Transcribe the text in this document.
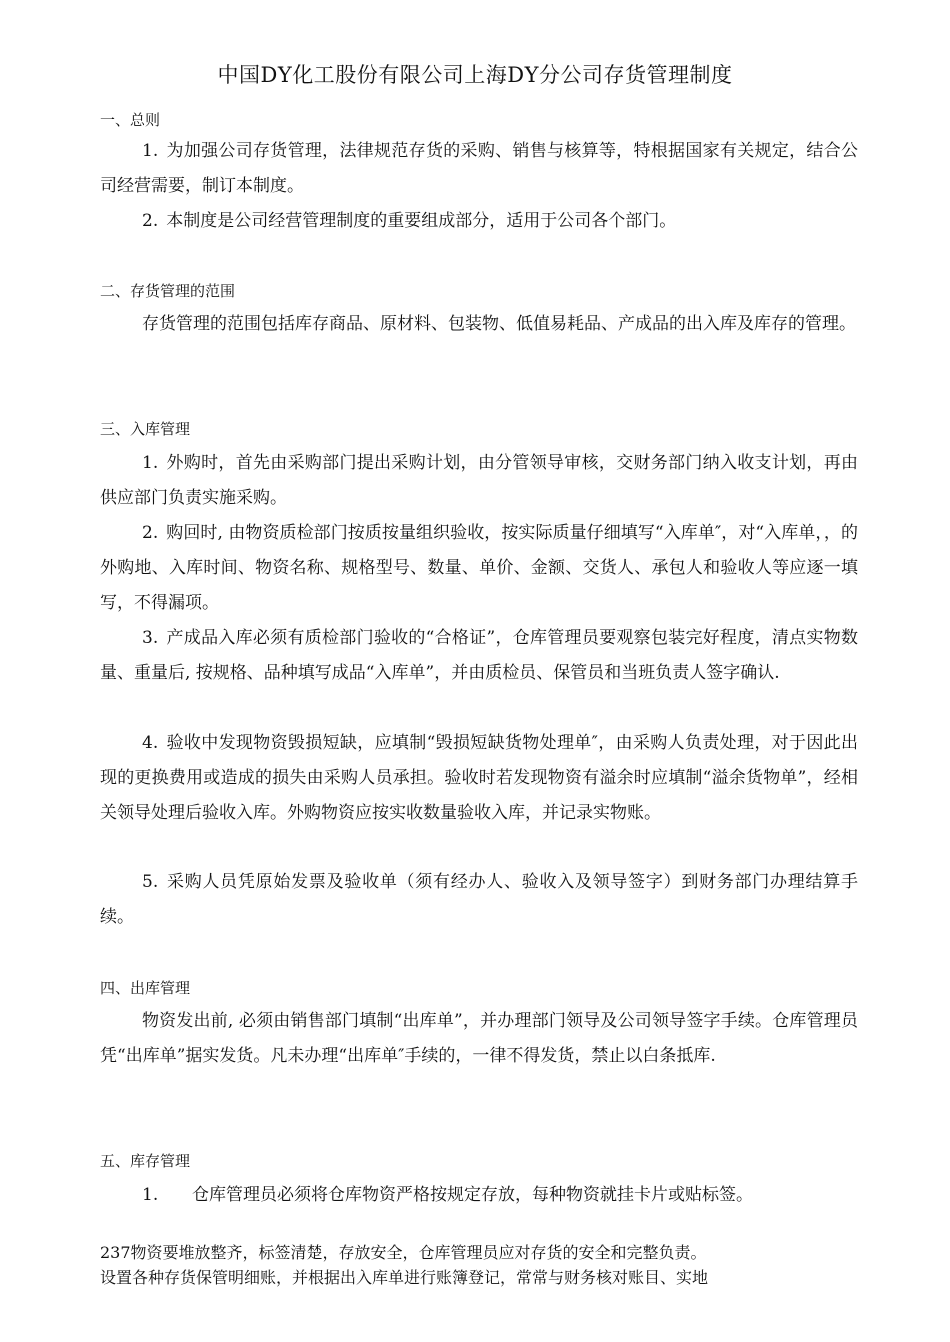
中国DY化工股份有限公司上海DY分公司存货管理制度
一、总则
1. 为加强公司存货管理，法律规范存货的采购、销售与核算等，特根据国家有关规定，结合公司经营需要，制订本制度。
2. 本制度是公司经营管理制度的重要组成部分，适用于公司各个部门。
二、存货管理的范围
存货管理的范围包括库存商品、原材料、包装物、低值易耗品、产成品的出入库及库存的管理。
三、入库管理
1. 外购时，首先由采购部门提出采购计划，由分管领导审核，交财务部门纳入收支计划，再由供应部门负责实施采购。
2. 购回时, 由物资质检部门按质按量组织验收，按实际质量仔细填写“入库单″，对“入库单，，的外购地、入库时间、物资名称、规格型号、数量、单价、金额、交货人、承包人和验收人等应逐一填写，不得漏项。
3. 产成品入库必须有质检部门验收的“合格证”，仓库管理员要观察包装完好程度，清点实物数量、重量后, 按规格、品种填写成品“入库单”，并由质检员、保管员和当班负责人签字确认.
4. 验收中发现物资毁损短缺，应填制“毁损短缺货物处理单″，由采购人负责处理，对于因此出现的更换费用或造成的损失由采购人员承担。验收时若发现物资有溢余时应填制“溢余货物单”，经相关领导处理后验收入库。外购物资应按实收数量验收入库，并记录实物账。
5. 采购人员凭原始发票及验收单（须有经办人、验收入及领导签字）到财务部门办理结算手续。
四、出库管理
物资发出前, 必须由销售部门填制“出库单”，并办理部门领导及公司领导签字手续。仓库管理员凭“出库单”据实发货。凡未办理“出库单″手续的，一律不得发货，禁止以白条抵库.
五、库存管理
1. 仓库管理员必须将仓库物资严格按规定存放，每种物资就挂卡片或贴标签。
237物资要堆放整齐，标签清楚，存放安全，仓库管理员应对存货的安全和完整负责。
设置各种存货保管明细账，并根据出入库单进行账簿登记，常常与财务核对账目、实地
